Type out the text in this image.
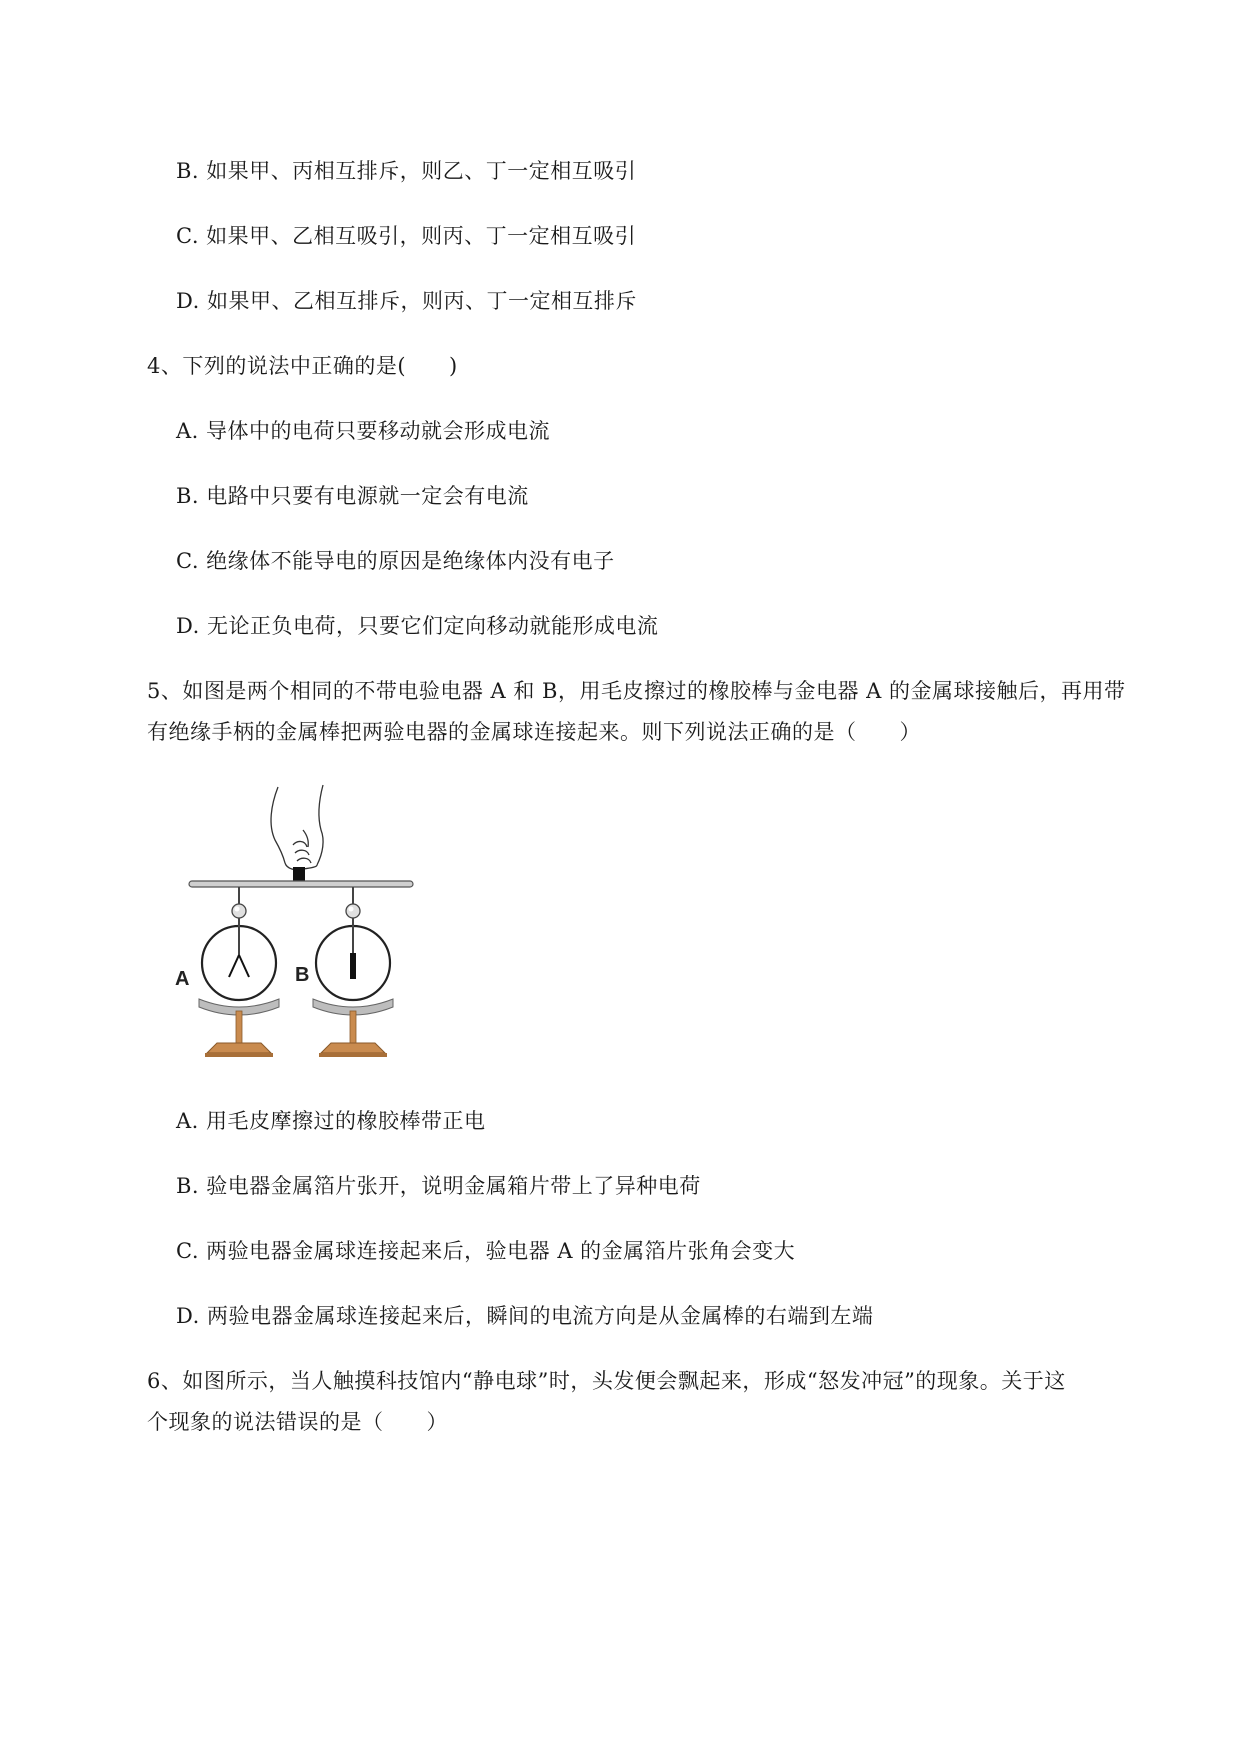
B. 如果甲、丙相互排斥，则乙、丁一定相互吸引
C. 如果甲、乙相互吸引，则丙、丁一定相互吸引
D. 如果甲、乙相互排斥，则丙、丁一定相互排斥
4、下列的说法中正确的是(　　)
A. 导体中的电荷只要移动就会形成电流
B. 电路中只要有电源就一定会有电流
C. 绝缘体不能导电的原因是绝缘体内没有电子
D. 无论正负电荷，只要它们定向移动就能形成电流
5、如图是两个相同的不带电验电器 A 和 B，用毛皮擦过的橡胶棒与金电器 A 的金属球接触后，再用带
有绝缘手柄的金属棒把两验电器的金属球连接起来。则下列说法正确的是（　　）
A	B
A. 用毛皮摩擦过的橡胶棒带正电
B. 验电器金属箔片张开，说明金属箱片带上了异种电荷
C. 两验电器金属球连接起来后，验电器 A 的金属箔片张角会变大
D. 两验电器金属球连接起来后，瞬间的电流方向是从金属棒的右端到左端
6、如图所示，当人触摸科技馆内“静电球”时，头发便会飘起来，形成“怒发冲冠”的现象。关于这
个现象的说法错误的是（　　）
